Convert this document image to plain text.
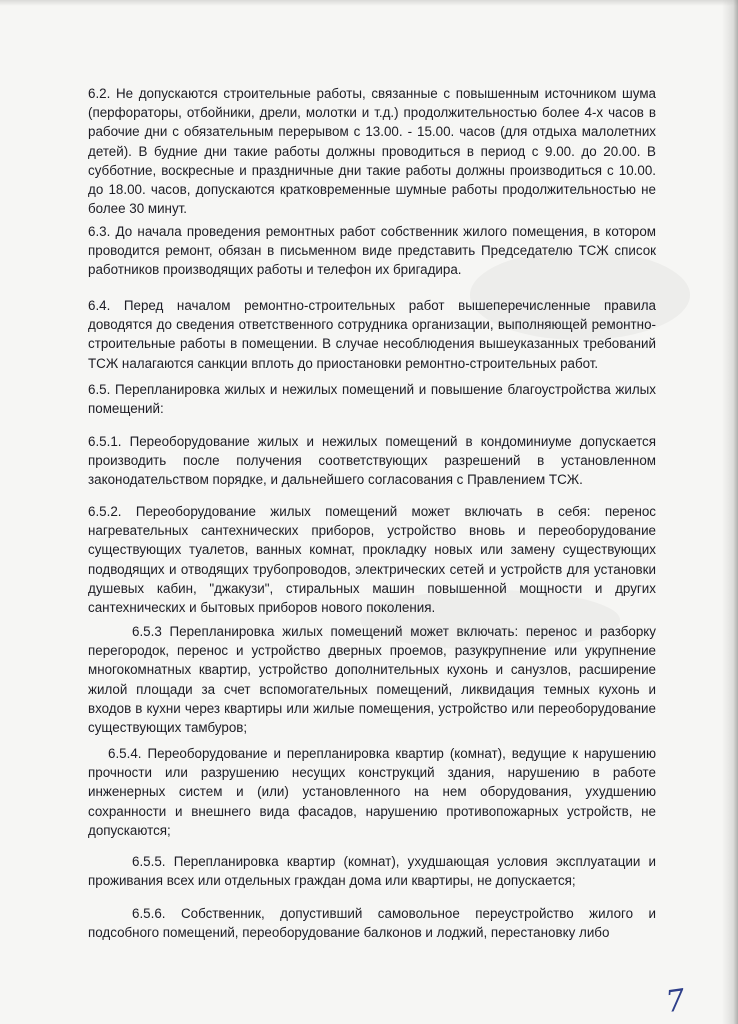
6.2. Не допускаются строительные работы, связанные с повышенным источником шума (перфораторы, отбойники, дрели, молотки и т.д.) продолжительностью более 4-х часов в рабочие дни с обязательным перерывом с 13.00. - 15.00. часов (для отдыха малолетних детей). В будние дни такие работы должны проводиться в период с 9.00. до 20.00. В субботние, воскресные и праздничные дни такие работы должны производиться с 10.00. до 18.00. часов, допускаются кратковременные шумные работы продолжительностью не более 30 минут.

6.3. До начала проведения ремонтных работ собственник жилого помещения, в котором проводится ремонт, обязан в письменном виде представить Председателю ТСЖ список работников производящих работы и телефон их бригадира.

6.4. Перед началом ремонтно-строительных работ вышеперечисленные правила доводятся до сведения ответственного сотрудника организации, выполняющей ремонтно-строительные работы в помещении. В случае несоблюдения вышеуказанных требований ТСЖ налагаются санкции вплоть до приостановки ремонтно-строительных работ.

6.5. Перепланировка жилых и нежилых помещений и повышение благоустройства жилых помещений:

6.5.1. Переоборудование жилых и нежилых помещений в кондоминиуме допускается производить после получения соответствующих разрешений в установленном законодательством порядке, и дальнейшего согласования с Правлением ТСЖ.

6.5.2. Переоборудование жилых помещений может включать в себя: перенос нагревательных сантехнических приборов, устройство вновь и переоборудование существующих туалетов, ванных комнат, прокладку новых или замену существующих подводящих и отводящих трубопроводов, электрических сетей и устройств для установки душевых кабин, "джакузи", стиральных машин повышенной мощности и других сантехнических и бытовых приборов нового поколения.

6.5.3 Перепланировка жилых помещений может включать: перенос и разборку перегородок, перенос и устройство дверных проемов, разукрупнение или укрупнение многокомнатных квартир, устройство дополнительных кухонь и санузлов, расширение жилой площади за счет вспомогательных помещений, ликвидация темных кухонь и входов в кухни через квартиры или жилые помещения, устройство или переоборудование существующих тамбуров;

6.5.4. Переоборудование и перепланировка квартир (комнат), ведущие к нарушению прочности или разрушению несущих конструкций здания, нарушению в работе инженерных систем и (или) установленного на нем оборудования, ухудшению сохранности и внешнего вида фасадов, нарушению противопожарных устройств, не допускаются;

6.5.5. Перепланировка квартир (комнат), ухудшающая условия эксплуатации и проживания всех или отдельных граждан дома или квартиры, не допускается;

6.5.6. Собственник, допустивший самовольное переустройство жилого и подсобного помещений, переоборудование балконов и лоджий, перестановку либо

7
